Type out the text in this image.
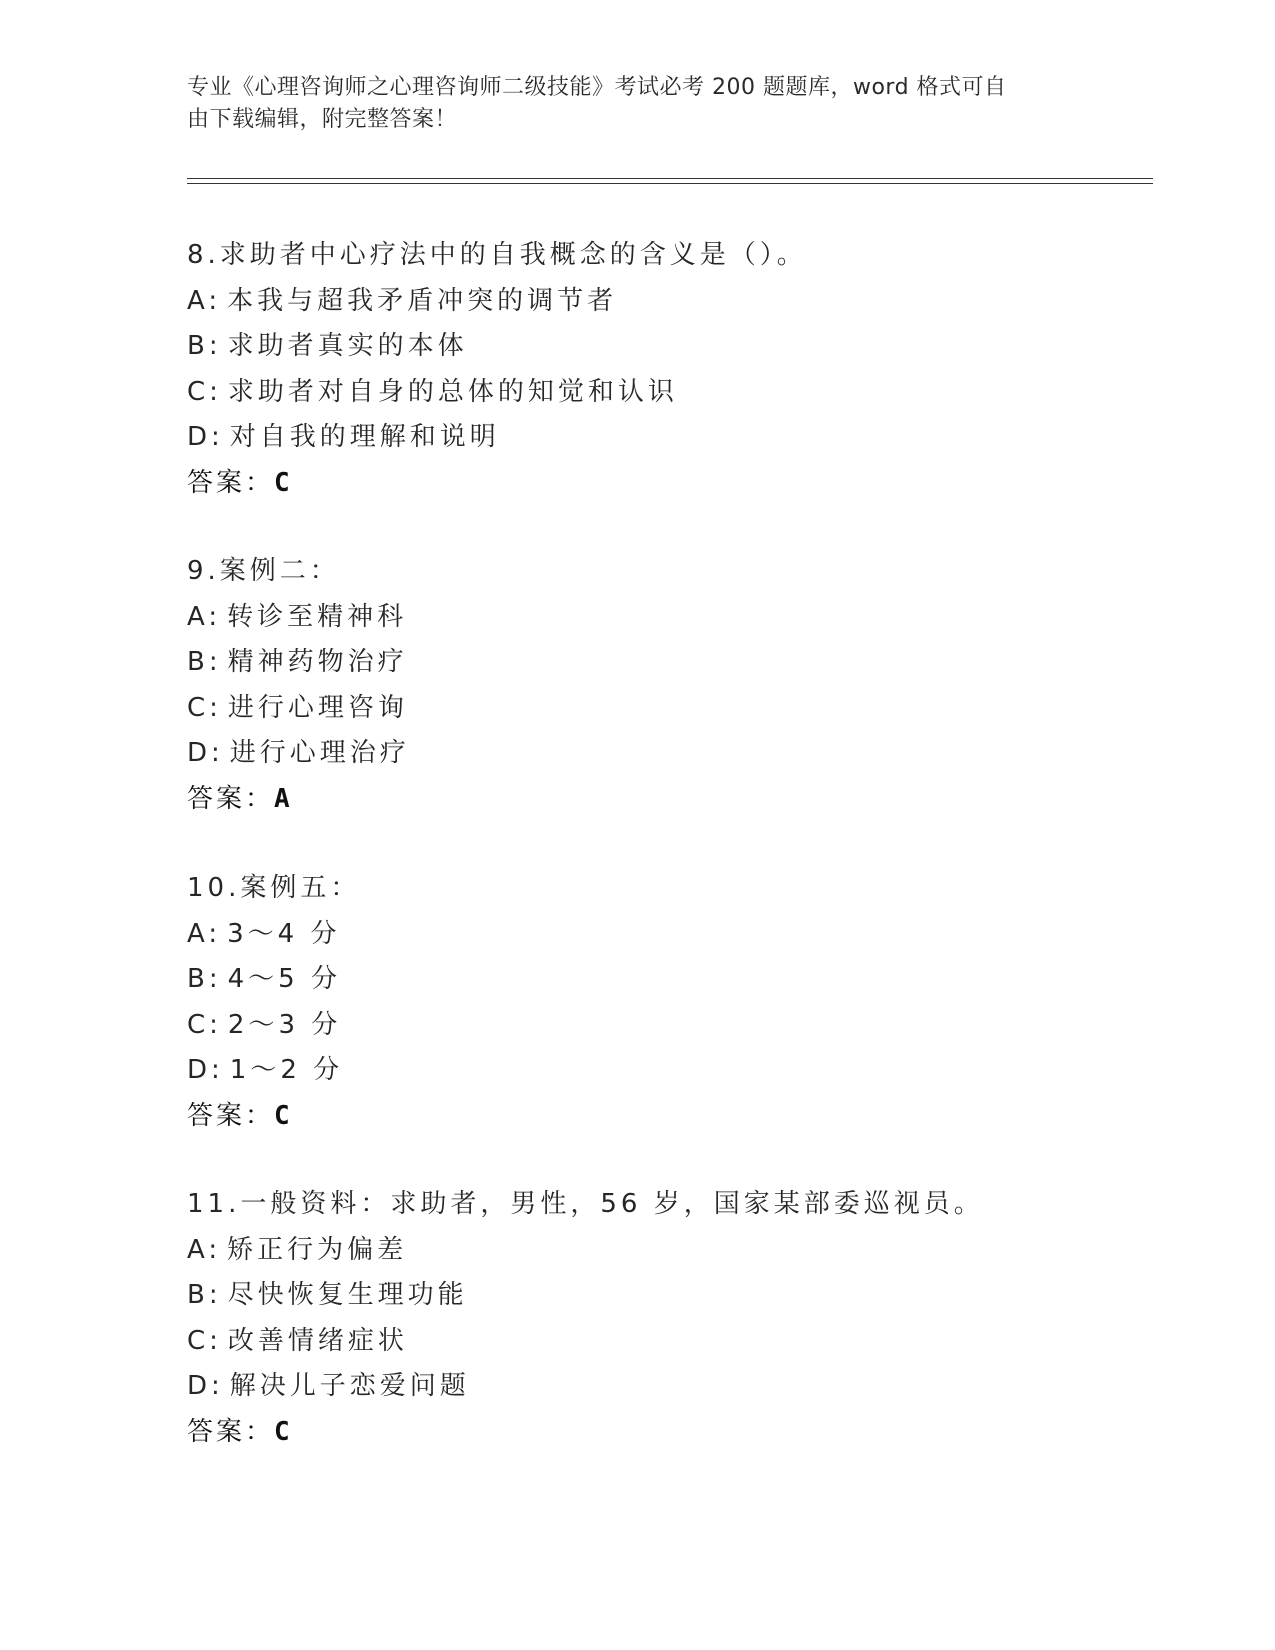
专业《心理咨询师之心理咨询师二级技能》考试必考 200 题题库，word 格式可自
由下载编辑，附完整答案！
8.求助者中心疗法中的自我概念的含义是（）。
A: 本我与超我矛盾冲突的调节者
B: 求助者真实的本体
C: 求助者对自身的总体的知觉和认识
D: 对自我的理解和说明
答案：C
9.案例二：
A: 转诊至精神科
B: 精神药物治疗
C: 进行心理咨询
D: 进行心理治疗
答案：A
10.案例五：
A: 3～4 分
B: 4～5 分
C: 2～3 分
D: 1～2 分
答案：C
11.一般资料：求助者，男性，56 岁，国家某部委巡视员。
A: 矫正行为偏差
B: 尽快恢复生理功能
C: 改善情绪症状
D: 解决儿子恋爱问题
答案：C
